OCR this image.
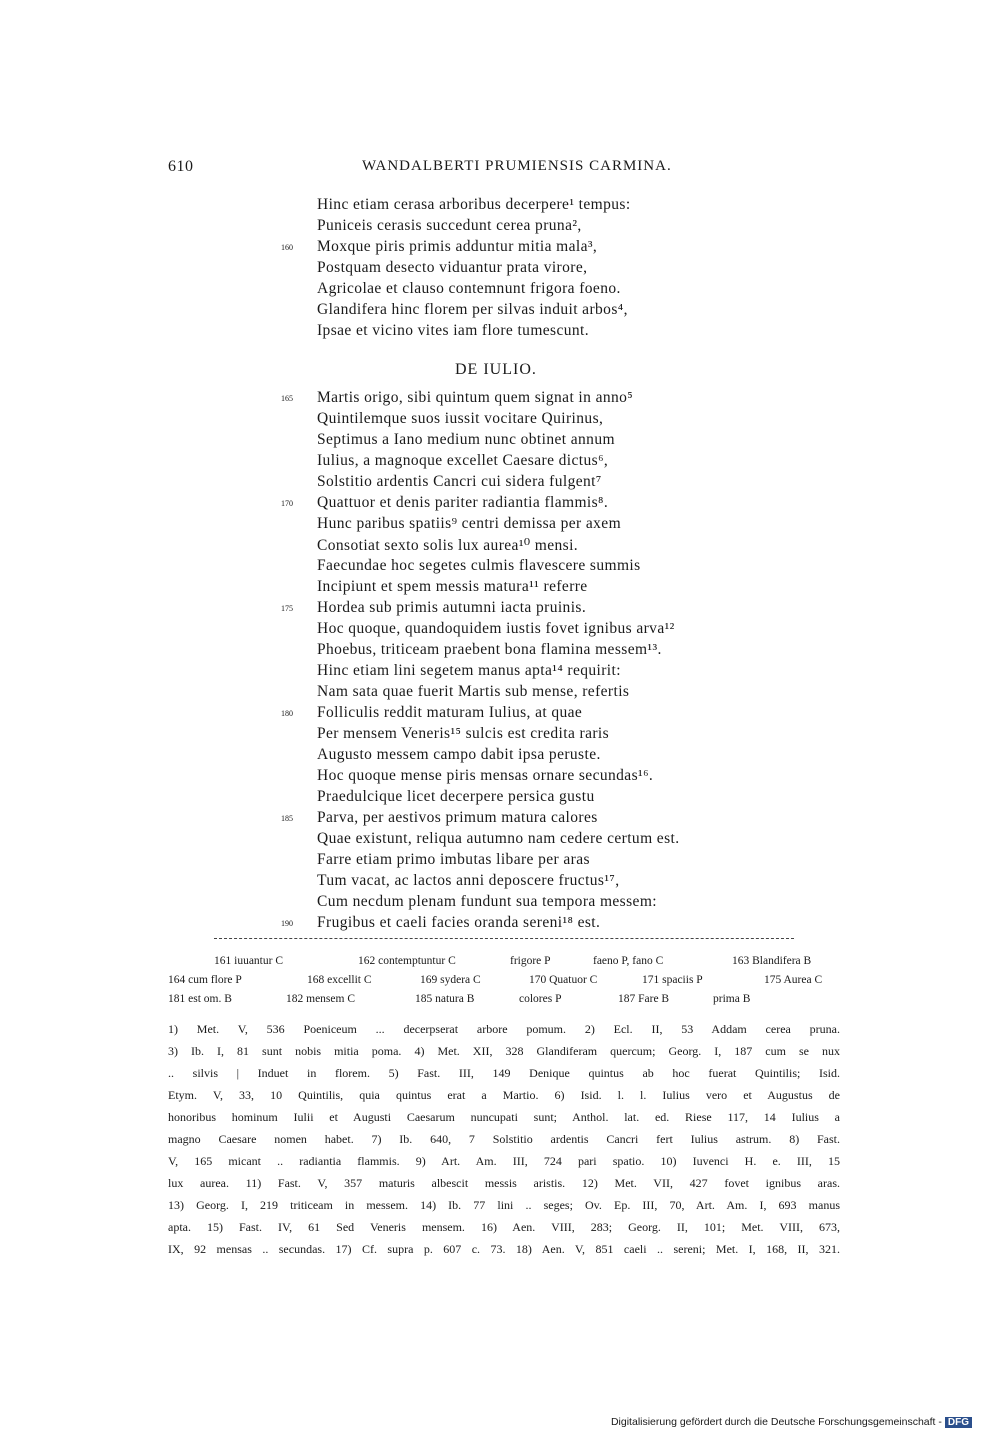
610	WANDALBERTI PRUMIENSIS CARMINA.
Hinc etiam cerasa arboribus decerpere¹ tempus:
Puniceis cerasis succedunt cerea pruna²,
Moxque piris primis adduntur mitia mala³,
Postquam desecto viduantur prata virore,
Agricolae et clauso contemnunt frigora foeno.
Glandifera hinc florem per silvas induit arbos⁴,
Ipsae et vicino vites iam flore tumescunt.
DE IULIO.
Martis origo, sibi quintum quem signat in anno⁵
Quintilemque suos iussit vocitare Quirinus,
Septimus a Iano medium nunc obtinet annum
Iulius, a magnoque excellet Caesare dictus⁶,
Solstitio ardentis Cancri cui sidera fulgent⁷
Quattuor et denis pariter radiantia flammis⁸.
Hunc paribus spatiis⁹ centri demissa per axem
Consotiat sexto solis lux aurea¹⁰ mensi.
Faecundae hoc segetes culmis flavescere summis
Incipiunt et spem messis matura¹¹ referre
Hordea sub primis autumni iacta pruinis.
Hoc quoque, quandoquidem iustis fovet ignibus arva¹²
Phoebus, triticeam praebent bona flamina messem¹³.
Hinc etiam lini segetem manus apta¹⁴ requirit:
Nam sata quae fuerit Martis sub mense, refertis
Folliculis reddit maturam Iulius, at quae
Per mensem Veneris¹⁵ sulcis est credita raris
Augusto messem campo dabit ipsa peruste.
Hoc quoque mense piris mensas ornare secundas¹⁶.
Praedulcique licet decerpere persica gustu
Parva, per aestivos primum matura calores
Quae existunt, reliqua autumno nam cedere certum est.
Farre etiam primo imbutas libare per aras
Tum vacat, ac lactos anni deposcere fructus¹⁷,
Cum necdum plenam fundunt sua tempora messem:
Frugibus et caeli facies oranda sereni¹⁸ est.
160
165
170
175
180
185
190
161 iuuantur C	162 contemptuntur C	frigore P	faeno P, fano C	163 Blandifera B
164 cum flore P	168 excellit C	169 sydera C	170 Quatuor C	171 spaciis P	175 Aurea C
181 est om. B	182 mensem C	185 natura B	colores P	187 Fare B	prima B
1) Met. V, 536 Poeniceum ... decerpserat arbore pomum. 2) Ecl. II, 53 Addam cerea pruna.
3) Ib. I, 81 sunt nobis mitia poma. 4) Met. XII, 328 Glandiferam quercum; Georg. I, 187 cum se nux
.. silvis | Induet in florem. 5) Fast. III, 149 Denique quintus ab hoc fuerat Quintilis; Isid.
Etym. V, 33, 10 Quintilis, quia quintus erat a Martio. 6) Isid. l. l. Iulius vero et Augustus de
honoribus hominum Iulii et Augusti Caesarum nuncupati sunt; Anthol. lat. ed. Riese 117, 14 Iulius a
magno Caesare nomen habet. 7) Ib. 640, 7 Solstitio ardentis Cancri fert Iulius astrum. 8) Fast.
V, 165 micant .. radiantia flammis. 9) Art. Am. III, 724 pari spatio. 10) Iuvenci H. e. III, 15
lux aurea. 11) Fast. V, 357 maturis albescit messis aristis. 12) Met. VII, 427 fovet ignibus aras.
13) Georg. I, 219 triticeam in messem. 14) Ib. 77 lini .. seges; Ov. Ep. III, 70, Art. Am. I, 693 manus
apta. 15) Fast. IV, 61 Sed Veneris mensem. 16) Aen. VIII, 283; Georg. II, 101; Met. VIII, 673,
IX, 92 mensas .. secundas. 17) Cf. supra p. 607 c. 73. 18) Aen. V, 851 caeli .. sereni; Met. I, 168, II, 321.
Digitalisierung gefördert durch die Deutsche Forschungsgemeinschaft - DFG
